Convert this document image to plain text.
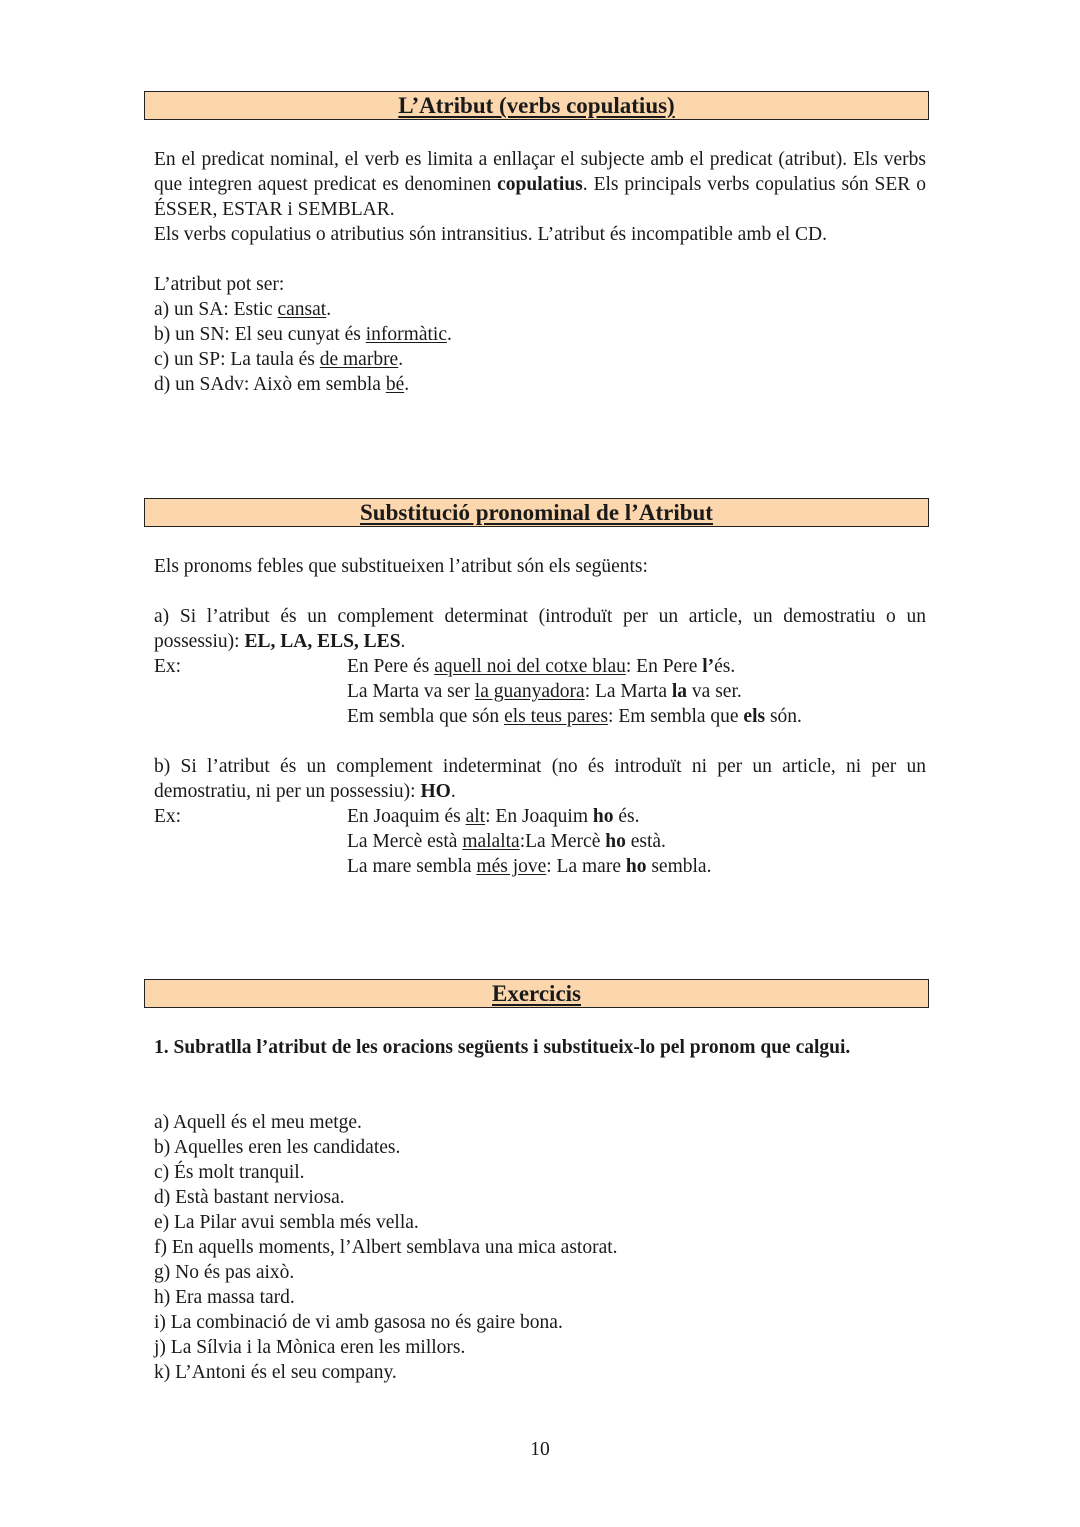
L’Atribut (verbs copulatius)
En el predicat nominal, el verb es limita a enllaçar el subjecte amb el predicat (atribut). Els verbs que integren aquest predicat es denominen copulatius. Els principals verbs copulatius són SER o ÉSSER, ESTAR i SEMBLAR.
Els verbs copulatius o atributius són intransitius. L’atribut és incompatible amb el CD.
L’atribut pot ser:
a) un SA: Estic cansat.
b) un SN: El seu cunyat és informàtic.
c) un SP: La taula és de marbre.
d) un SAdv: Això em sembla bé.
Substitució pronominal de l’Atribut
Els pronoms febles que substitueixen l’atribut són els següents:
a) Si l’atribut és un complement determinat (introduït per un article, un demostratiu o un possessiu): EL, LA, ELS, LES.
Ex:	En Pere és aquell noi del cotxe blau: En Pere l’és.
La Marta va ser la guanyadora: La Marta la va ser.
Em sembla que són els teus pares: Em sembla que els són.
b) Si l’atribut és un complement indeterminat (no és introduït ni per un article, ni per un demostratiu, ni per un possessiu): HO.
Ex:	En Joaquim és alt: En Joaquim ho és.
La Mercè està malalta:La Mercè ho està.
La mare sembla més jove: La mare ho sembla.
Exercicis
1. Subratlla l’atribut de les oracions següents i substitueix-lo pel pronom que calgui.
a) Aquell és el meu metge.
b) Aquelles eren les candidates.
c) És molt tranquil.
d) Està bastant nerviosa.
e) La Pilar avui sembla més vella.
f) En aquells moments, l’Albert semblava una mica astorat.
g) No és pas això.
h) Era massa tard.
i) La combinació de vi amb gasosa no és gaire bona.
j) La Sílvia i la Mònica eren les millors.
k) L’Antoni és el seu company.
10
